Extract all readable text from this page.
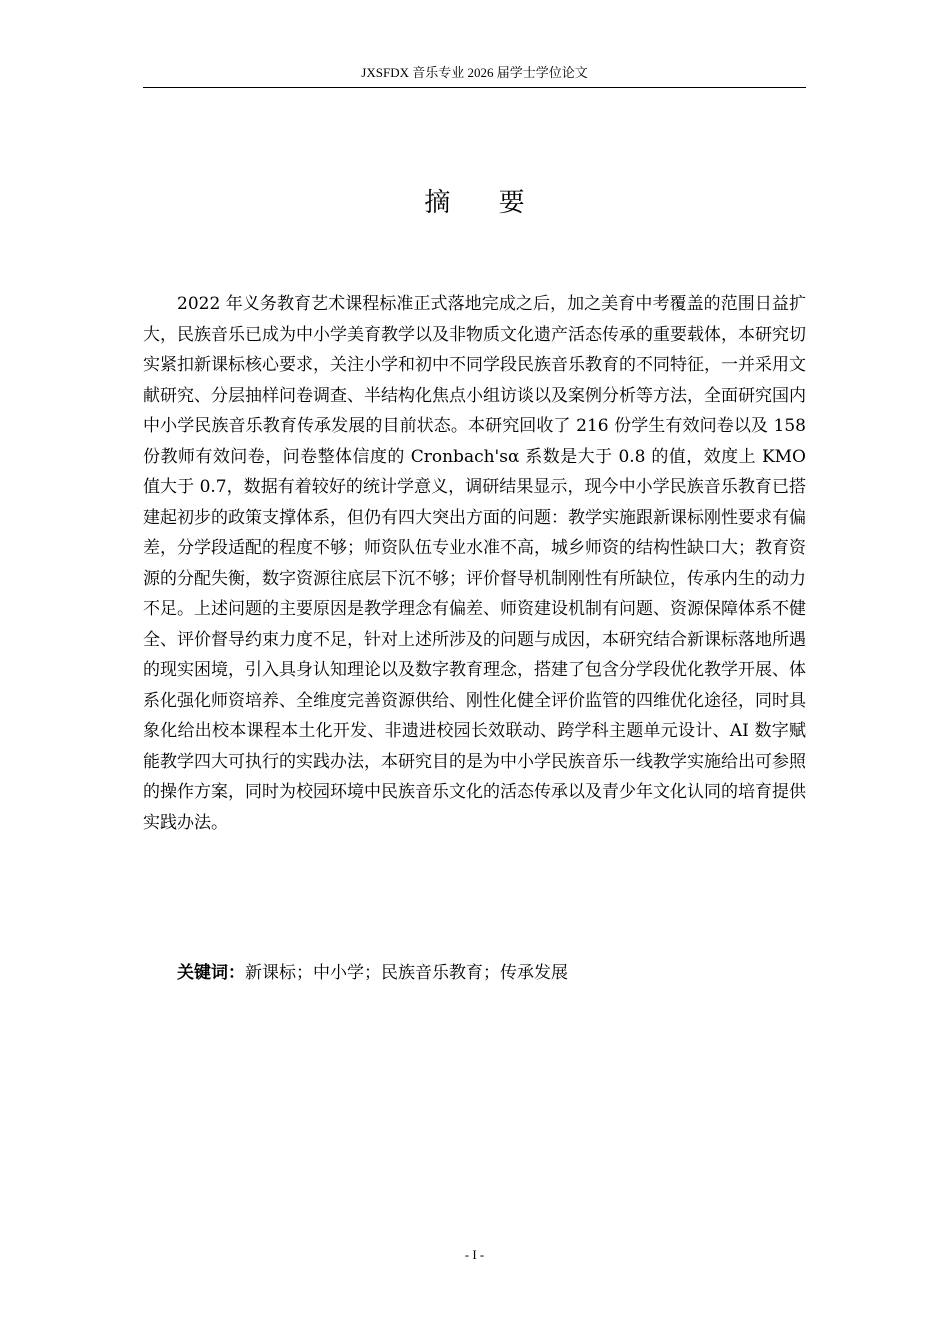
JXSFDX 音乐专业 2026 届学士学位论文
摘 要

2022 年义务教育艺术课程标准正式落地完成之后，加之美育中考覆盖的范围日益扩大，民族音乐已成为中小学美育教学以及非物质文化遗产活态传承的重要载体，本研究切实紧扣新课标核心要求，关注小学和初中不同学段民族音乐教育的不同特征，一并采用文献研究、分层抽样问卷调查、半结构化焦点小组访谈以及案例分析等方法，全面研究国内中小学民族音乐教育传承发展的目前状态。本研究回收了 216 份学生有效问卷以及 158 份教师有效问卷，问卷整体信度的 Cronbach'sα 系数是大于 0.8 的值，效度上 KMO 值大于 0.7，数据有着较好的统计学意义，调研结果显示，现今中小学民族音乐教育已搭建起初步的政策支撑体系，但仍有四大突出方面的问题：教学实施跟新课标刚性要求有偏差，分学段适配的程度不够；师资队伍专业水准不高，城乡师资的结构性缺口大；教育资源的分配失衡，数字资源往底层下沉不够；评价督导机制刚性有所缺位，传承内生的动力不足。上述问题的主要原因是教学理念有偏差、师资建设机制有问题、资源保障体系不健全、评价督导约束力度不足，针对上述所涉及的问题与成因，本研究结合新课标落地所遇的现实困境，引入具身认知理论以及数字教育理念，搭建了包含分学段优化教学开展、体系化强化师资培养、全维度完善资源供给、刚性化健全评价监管的四维优化途径，同时具象化给出校本课程本土化开发、非遗进校园长效联动、跨学科主题单元设计、AI 数字赋能教学四大可执行的实践办法，本研究目的是为中小学民族音乐一线教学实施给出可参照的操作方案，同时为校园环境中民族音乐文化的活态传承以及青少年文化认同的培育提供实践办法。

关键词：新课标；中小学；民族音乐教育；传承发展
- I -
